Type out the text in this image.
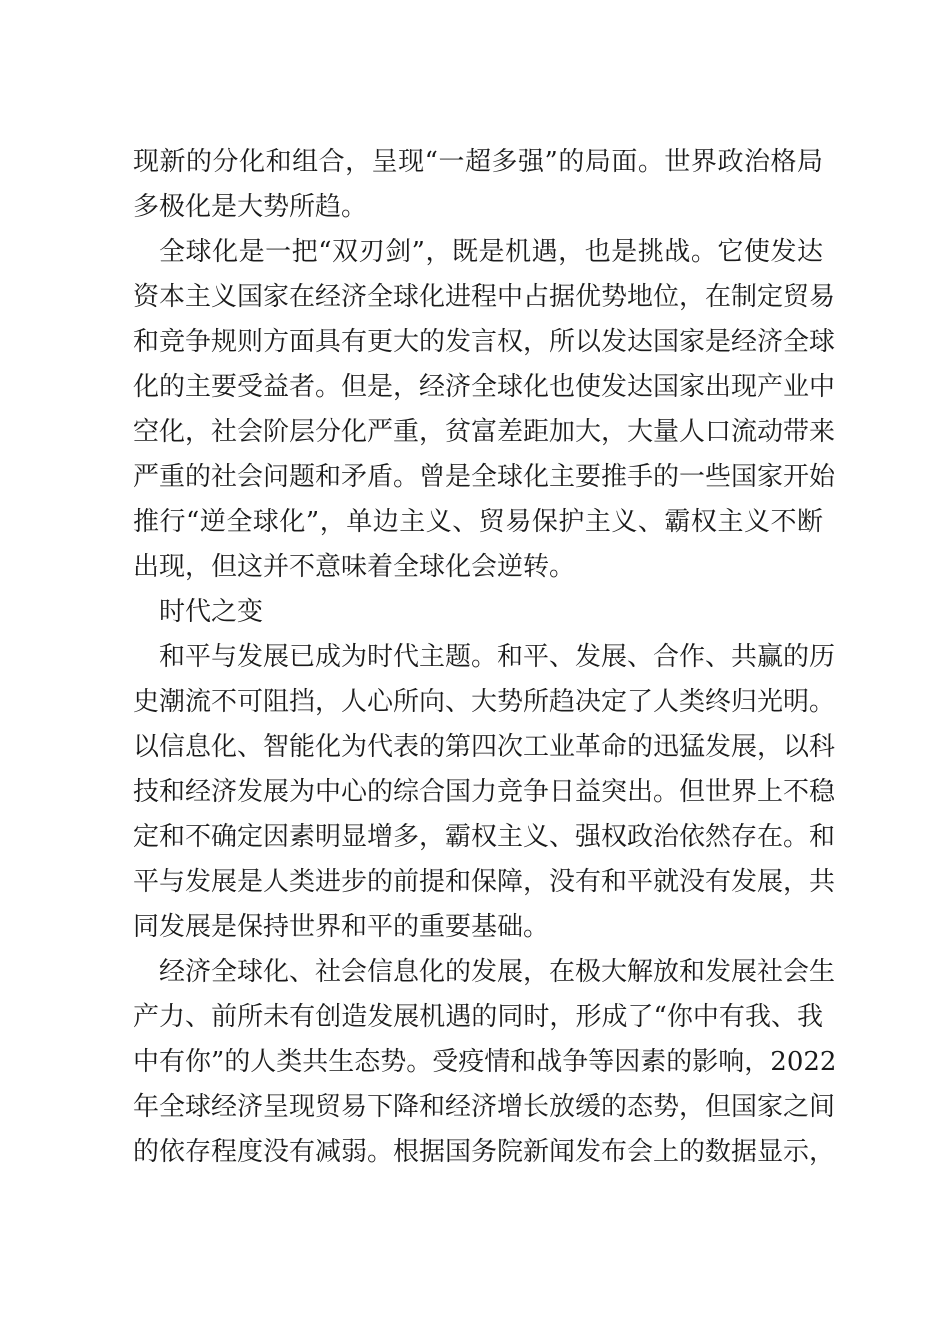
现新的分化和组合，呈现“一超多强”的局面。世界政治格局
多极化是大势所趋。
全球化是一把“双刃剑”，既是机遇，也是挑战。它使发达
资本主义国家在经济全球化进程中占据优势地位，在制定贸易
和竞争规则方面具有更大的发言权，所以发达国家是经济全球
化的主要受益者。但是，经济全球化也使发达国家出现产业中
空化，社会阶层分化严重，贫富差距加大，大量人口流动带来
严重的社会问题和矛盾。曾是全球化主要推手的一些国家开始
推行“逆全球化”，单边主义、贸易保护主义、霸权主义不断
出现，但这并不意味着全球化会逆转。
时代之变
和平与发展已成为时代主题。和平、发展、合作、共赢的历
史潮流不可阻挡，人心所向、大势所趋决定了人类终归光明。
以信息化、智能化为代表的第四次工业革命的迅猛发展，以科
技和经济发展为中心的综合国力竞争日益突出。但世界上不稳
定和不确定因素明显增多，霸权主义、强权政治依然存在。和
平与发展是人类进步的前提和保障，没有和平就没有发展，共
同发展是保持世界和平的重要基础。
经济全球化、社会信息化的发展，在极大解放和发展社会生
产力、前所未有创造发展机遇的同时，形成了“你中有我、我
中有你”的人类共生态势。受疫情和战争等因素的影响，2022
年全球经济呈现贸易下降和经济增长放缓的态势，但国家之间
的依存程度没有减弱。根据国务院新闻发布会上的数据显示，
